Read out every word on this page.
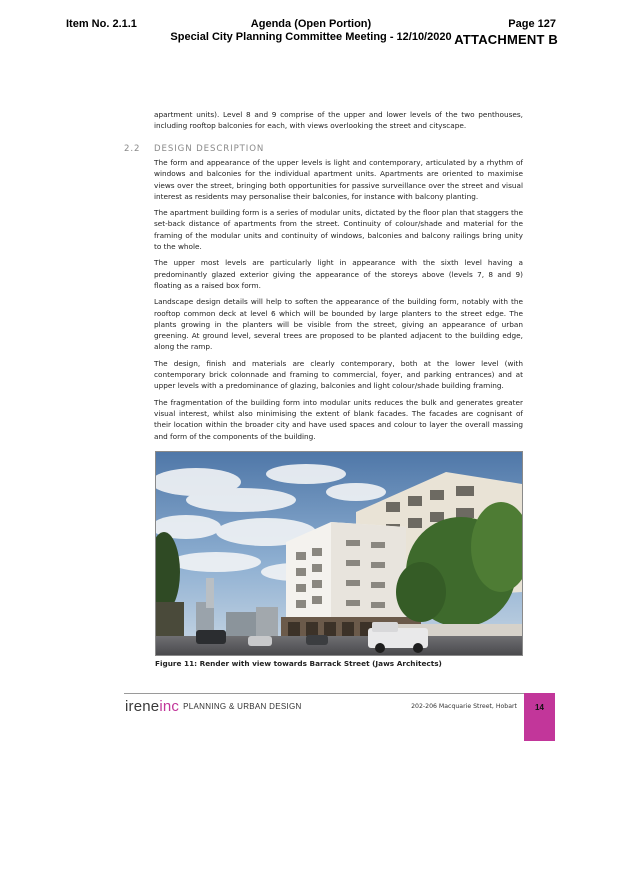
Item No. 2.1.1	Agenda (Open Portion)
Special City Planning Committee Meeting - 12/10/2020
Page 127
ATTACHMENT B

apartment units). Level 8 and 9 comprise of the upper and lower levels of the two penthouses, including rooftop balconies for each, with views overlooking the street and cityscape.

2.2 DESIGN DESCRIPTION

The form and appearance of the upper levels is light and contemporary, articulated by a rhythm of windows and balconies for the individual apartment units. Apartments are oriented to maximise views over the street, bringing both opportunities for passive surveillance over the street and visual interest as residents may personalise their balconies, for instance with balcony planting.

The apartment building form is a series of modular units, dictated by the floor plan that staggers the set-back distance of apartments from the street. Continuity of colour/shade and material for the framing of the modular units and continuity of windows, balconies and balcony railings bring unity to the whole.

The upper most levels are particularly light in appearance with the sixth level having a predominantly glazed exterior giving the appearance of the storeys above (levels 7, 8 and 9) floating as a raised box form.

Landscape design details will help to soften the appearance of the building form, notably with the rooftop common deck at level 6 which will be bounded by large planters to the street edge. The plants growing in the planters will be visible from the street, giving an appearance of urban greening. At ground level, several trees are proposed to be planted adjacent to the building edge, along the ramp.

The design, finish and materials are clearly contemporary, both at the lower level (with contemporary brick colonnade and framing to commercial, foyer, and parking entrances) and at upper levels with a predominance of glazing, balconies and light colour/shade building framing.

The fragmentation of the building form into modular units reduces the bulk and generates greater visual interest, whilst also minimising the extent of blank facades. The facades are cognisant of their location within the broader city and have used spaces and colour to layer the overall massing and form of the components of the building.

Figure 11: Render with view towards Barrack Street (Jaws Architects)
ireneinc PLANNING & URBAN DESIGN	202-206 Macquarie Street, Hobart	14
